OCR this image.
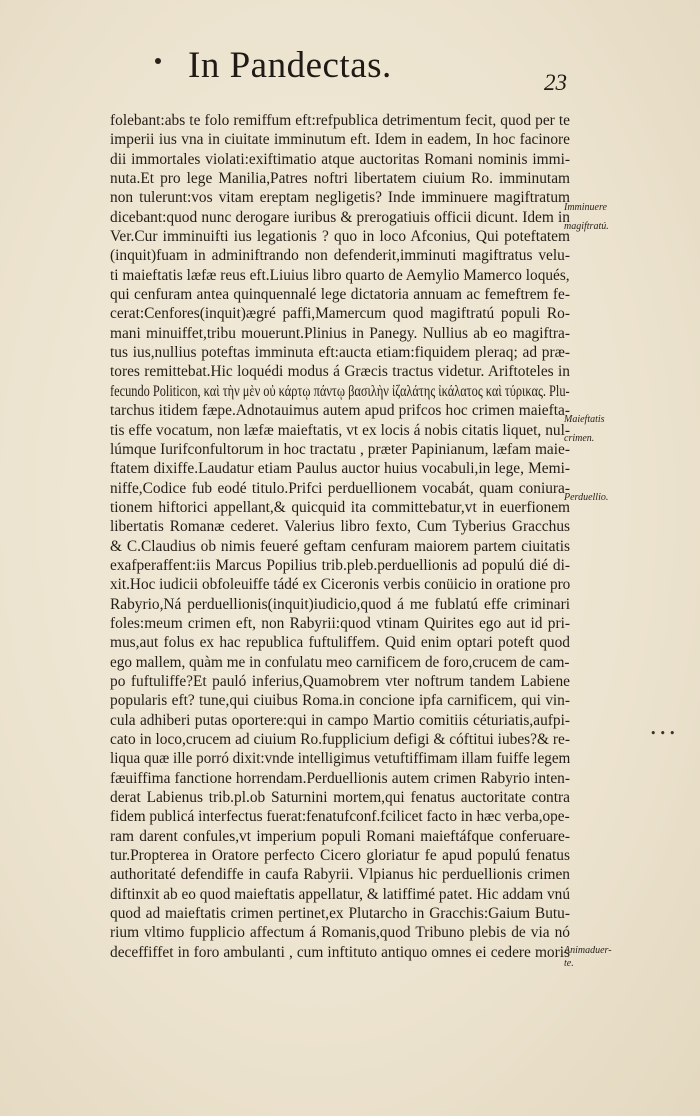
In Pandectas.	23
folebant:abs te folo remiffum eft:refpublica detrimentum fecit, quod per te
imperii ius vna in ciuitate imminutum eft. Idem in eadem, In hoc facinore
dii immortales violati:exiftimatio atque auctoritas Romani nominis immi-
nuta.Et pro lege Manilia,Patres noftri libertatem ciuium Ro. imminutam
non tulerunt:vos vitam ereptam negligetis? Inde imminuere magiftratum
dicebant:quod nunc derogare iuribus & prerogatiuis officii dicunt. Idem in
Ver.Cur imminuifti ius legationis ? quo in loco Afconius, Qui poteftatem
(inquit)fuam in adminiftrando non defenderit,imminuti magiftratus velu-
ti maieftatis læfæ reus eft.Liuius libro quarto de Aemylio Mamerco loqués,
qui cenfuram antea quinquennalé lege dictatoria annuam ac femeftrem fe-
cerat:Cenfores(inquit)ægré paffi,Mamercum quod magiftratú populi Ro-
mani minuiffet,tribu mouerunt.Plinius in Panegy. Nullius ab eo magiftra-
tus ius,nullius poteftas imminuta eft:aucta etiam:fiquidem pleraq; ad præ-
tores remittebat.Hic loquédi modus á Græcis tractus videtur. Ariftoteles in
fecundo Politicon, καὶ τὴν μὲν οὐ κάρτῳ πάντῳ βασιλὴν ἰζαλάτης ἰκάλατος καὶ τύρικας. Plu-
tarchus itidem fæpe.Adnotauimus autem apud prifcos hoc crimen maiefta-
tis effe vocatum, non læfæ maieftatis, vt ex locis á nobis citatis liquet, nul-
lúmque Iurifconfultorum in hoc tractatu , præter Papinianum, læfam maie-
ftatem dixiffe.Laudatur etiam Paulus auctor huius vocabuli,in lege, Memi-
niffe,Codice fub eodé titulo.Prifci perduellionem vocabát, quam coniura-
tionem hiftorici appellant,& quicquid ita committebatur,vt in euerfionem
libertatis Romanæ cederet. Valerius libro fexto, Cum Tyberius Gracchus
& C.Claudius ob nimis feueré geftam cenfuram maiorem partem ciuitatis
exafperaffent:iis Marcus Popilius trib.pleb.perduellionis ad populú dié di-
xit.Hoc iudicii obfoleuiffe tádé ex Ciceronis verbis conüicio in oratione pro
Rabyrio,Ná perduellionis(inquit)iudicio,quod á me fublatú effe criminari
foles:meum crimen eft, non Rabyrii:quod vtinam Quirites ego aut id pri-
mus,aut folus ex hac republica fuftuliffem. Quid enim optari poteft quod
ego mallem, quàm me in confulatu meo carnificem de foro,crucem de cam-
po fuftuliffe?Et pauló inferius,Quamobrem vter noftrum tandem Labiene
popularis eft? tune,qui ciuibus Roma.in concione ipfa carnificem, qui vin-
cula adhiberi putas oportere:qui in campo Martio comitiis céturiatis,aufpi-
cato in loco,crucem ad ciuium Ro.fupplicium defigi & cóftitui iubes?& re-
liqua quæ ille porró dixit:vnde intelligimus vetuftiffimam illam fuiffe legem
fæuiffima fanctione horrendam.Perduellionis autem crimen Rabyrio inten-
derat Labienus trib.pl.ob Saturnini mortem,qui fenatus auctoritate contra
fidem publicá interfectus fuerat:fenatufconf.fcilicet facto in hæc verba,ope-
ram darent confules,vt imperium populi Romani maieftáfque conferuare-
tur.Propterea in Oratore perfecto Cicero gloriatur fe apud populú fenatus
authoritaté defendiffe in caufa Rabyrii. Vlpianus hic perduellionis crimen
diftinxit ab eo quod maieftatis appellatur, & latiffimé patet. Hic addam vnú
quod ad maieftatis crimen pertinet,ex Plutarcho in Gracchis:Gaium Butu-
rium vltimo fupplicio affectum á Romanis,quod Tribuno plebis de via nó
deceffiffet in foro ambulanti , cum inftituto antiquo omnes ei cedere moris
Imminuere
magiftratú.
Maieftatis
crimen.
Perduellio.
Animaduer-
te.
•••
